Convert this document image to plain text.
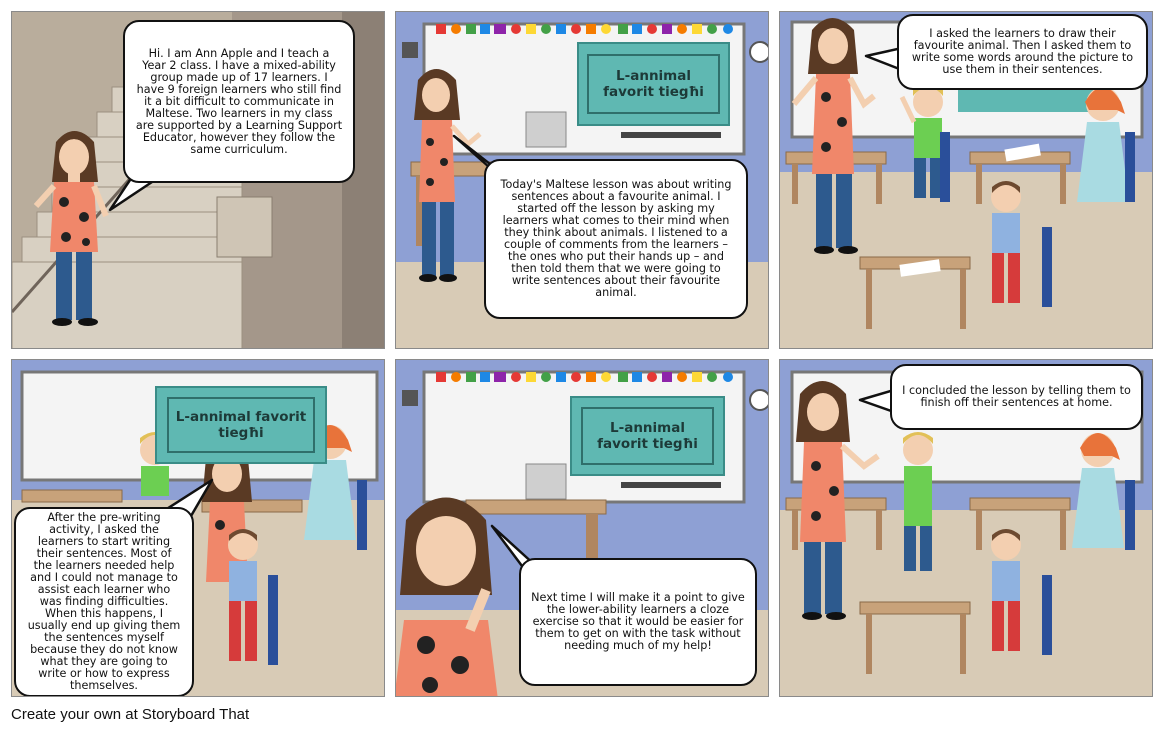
Hi. I am Ann Apple and I teach a Year 2 class. I have a mixed-ability group made up of 17 learners. I have 9 foreign learners who still find it a bit difficult to communicate in Maltese. Two learners in my class are supported by a Learning Support Educator, however they follow the same curriculum.
L-annimal favorit tiegħi
Today's Maltese lesson was about writing sentences about a favourite animal. I started off the lesson by asking my learners what comes to their mind when they think about animals. I listened to a couple of comments from the learners – the ones who put their hands up – and then told them that we were going to write sentences about their favourite animal.
I asked the learners to draw their favourite animal. Then I asked them to write some words around the picture to use them in their sentences.
L-annimal favorit tiegħi
After the pre-writing activity, I asked the learners to start writing their sentences. Most of the learners needed help and I could not manage to assist each learner who was finding difficulties. When this happens, I usually end up giving them the sentences myself because they do not know what they are going to write or how to express themselves.
L-annimal favorit tiegħi
Next time I will make it a point to give the lower-ability learners a cloze exercise so that it would be easier for them to get on with the task without needing much of my help!
I concluded the lesson by telling them to finish off their sentences at home.
Create your own at Storyboard That
